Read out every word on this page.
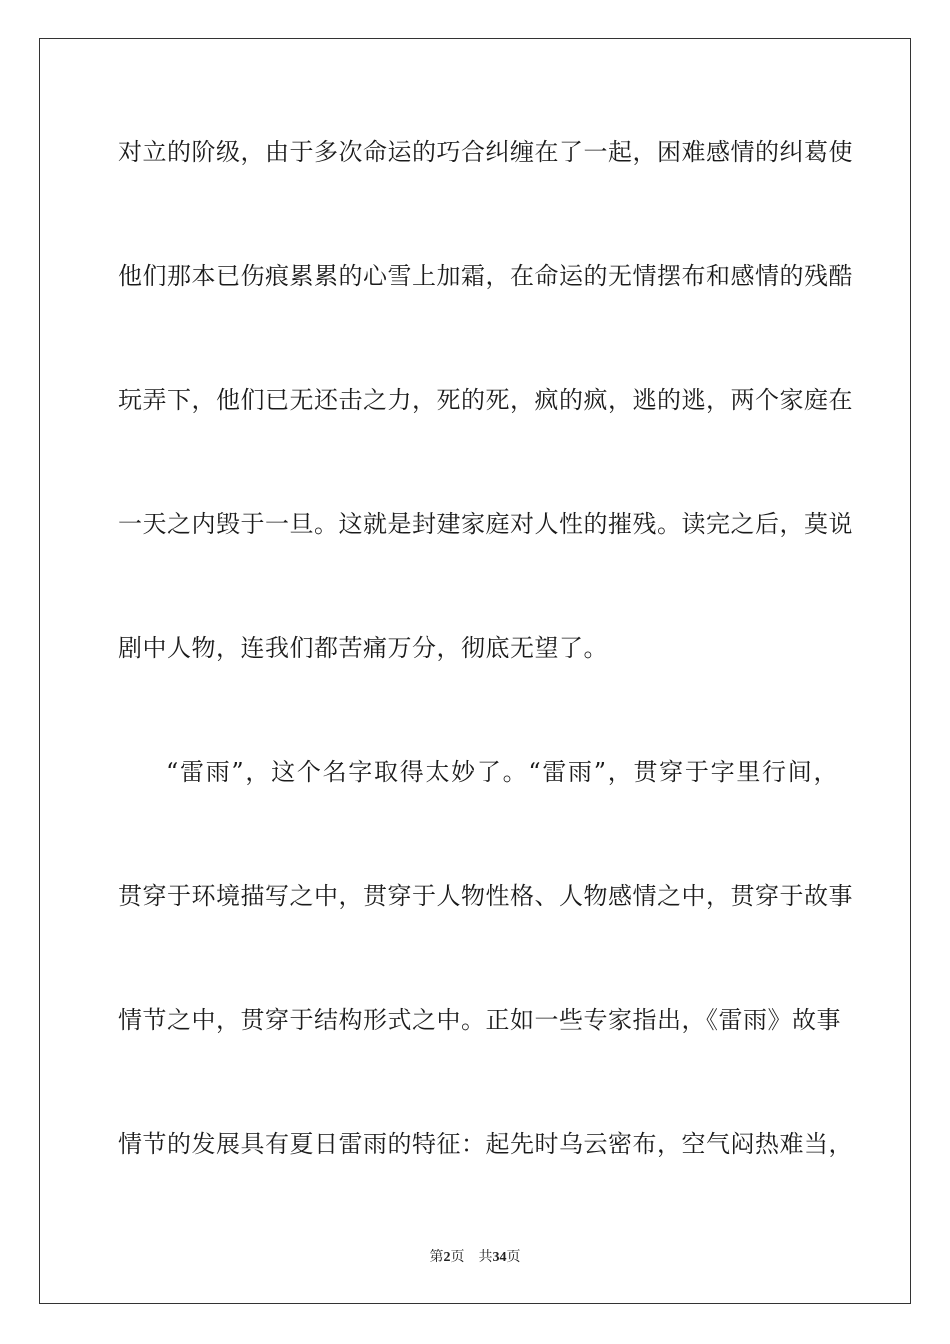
对立的阶级，由于多次命运的巧合纠缠在了一起，困难感情的纠葛使
他们那本已伤痕累累的心雪上加霜，在命运的无情摆布和感情的残酷
玩弄下，他们已无还击之力，死的死，疯的疯，逃的逃，两个家庭在
一天之内毁于一旦。这就是封建家庭对人性的摧残。读完之后，莫说
剧中人物，连我们都苦痛万分，彻底无望了。
“雷雨”，这个名字取得太妙了。“雷雨”，贯穿于字里行间，
贯穿于环境描写之中，贯穿于人物性格、人物感情之中，贯穿于故事
情节之中，贯穿于结构形式之中。正如一些专家指出，《雷雨》故事
情节的发展具有夏日雷雨的特征：起先时乌云密布，空气闷热难当，
第2页 共34页
